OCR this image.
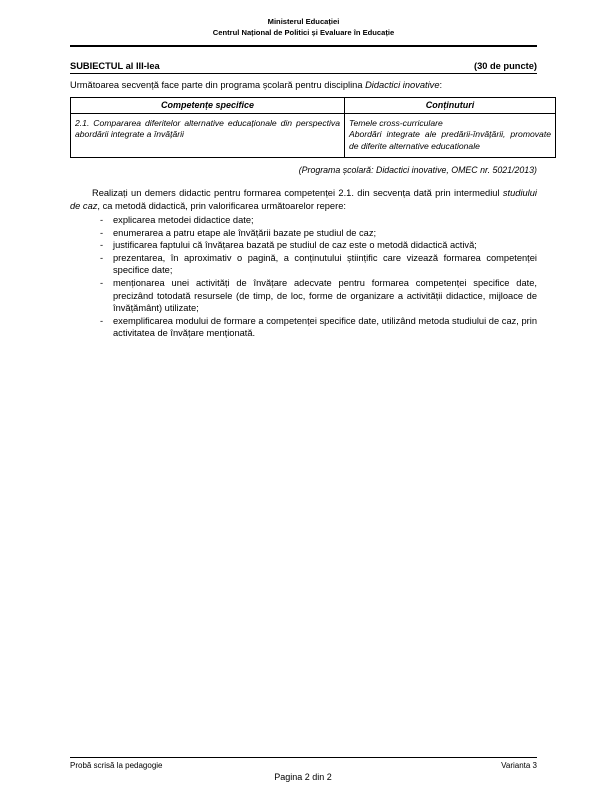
Ministerul Educației
Centrul Național de Politici și Evaluare în Educație
SUBIECTUL al III-lea	(30 de puncte)
Următoarea secvență face parte din programa școlară pentru disciplina Didactici inovative:
Competențe specifice	Conținuturi
2.1. Compararea diferitelor alternative educaționale din perspectiva abordării integrate a învățării	Temele cross-curriculare
Abordări integrate ale predării-învățării, promovate de diferite alternative educationale
(Programa școlară: Didactici inovative, OMEC nr. 5021/2013)
Realizați un demers didactic pentru formarea competenței 2.1. din secvența dată prin intermediul studiului de caz, ca metodă didactică, prin valorificarea următoarelor repere:
- explicarea metodei didactice date;
- enumerarea a patru etape ale învățării bazate pe studiul de caz;
- justificarea faptului că învățarea bazată pe studiul de caz este o metodă didactică activă;
- prezentarea, în aproximativ o pagină, a conținutului științific care vizează formarea competenței specifice date;
- menționarea unei activități de învățare adecvate pentru formarea competenței specifice date, precizând totodată resursele (de timp, de loc, forme de organizare a activității didactice, mijloace de învățământ) utilizate;
- exemplificarea modului de formare a competenței specifice date, utilizând metoda studiului de caz, prin activitatea de învățare menționată.
Probă scrisă la pedagogie	Varianta 3
Pagina 2 din 2
